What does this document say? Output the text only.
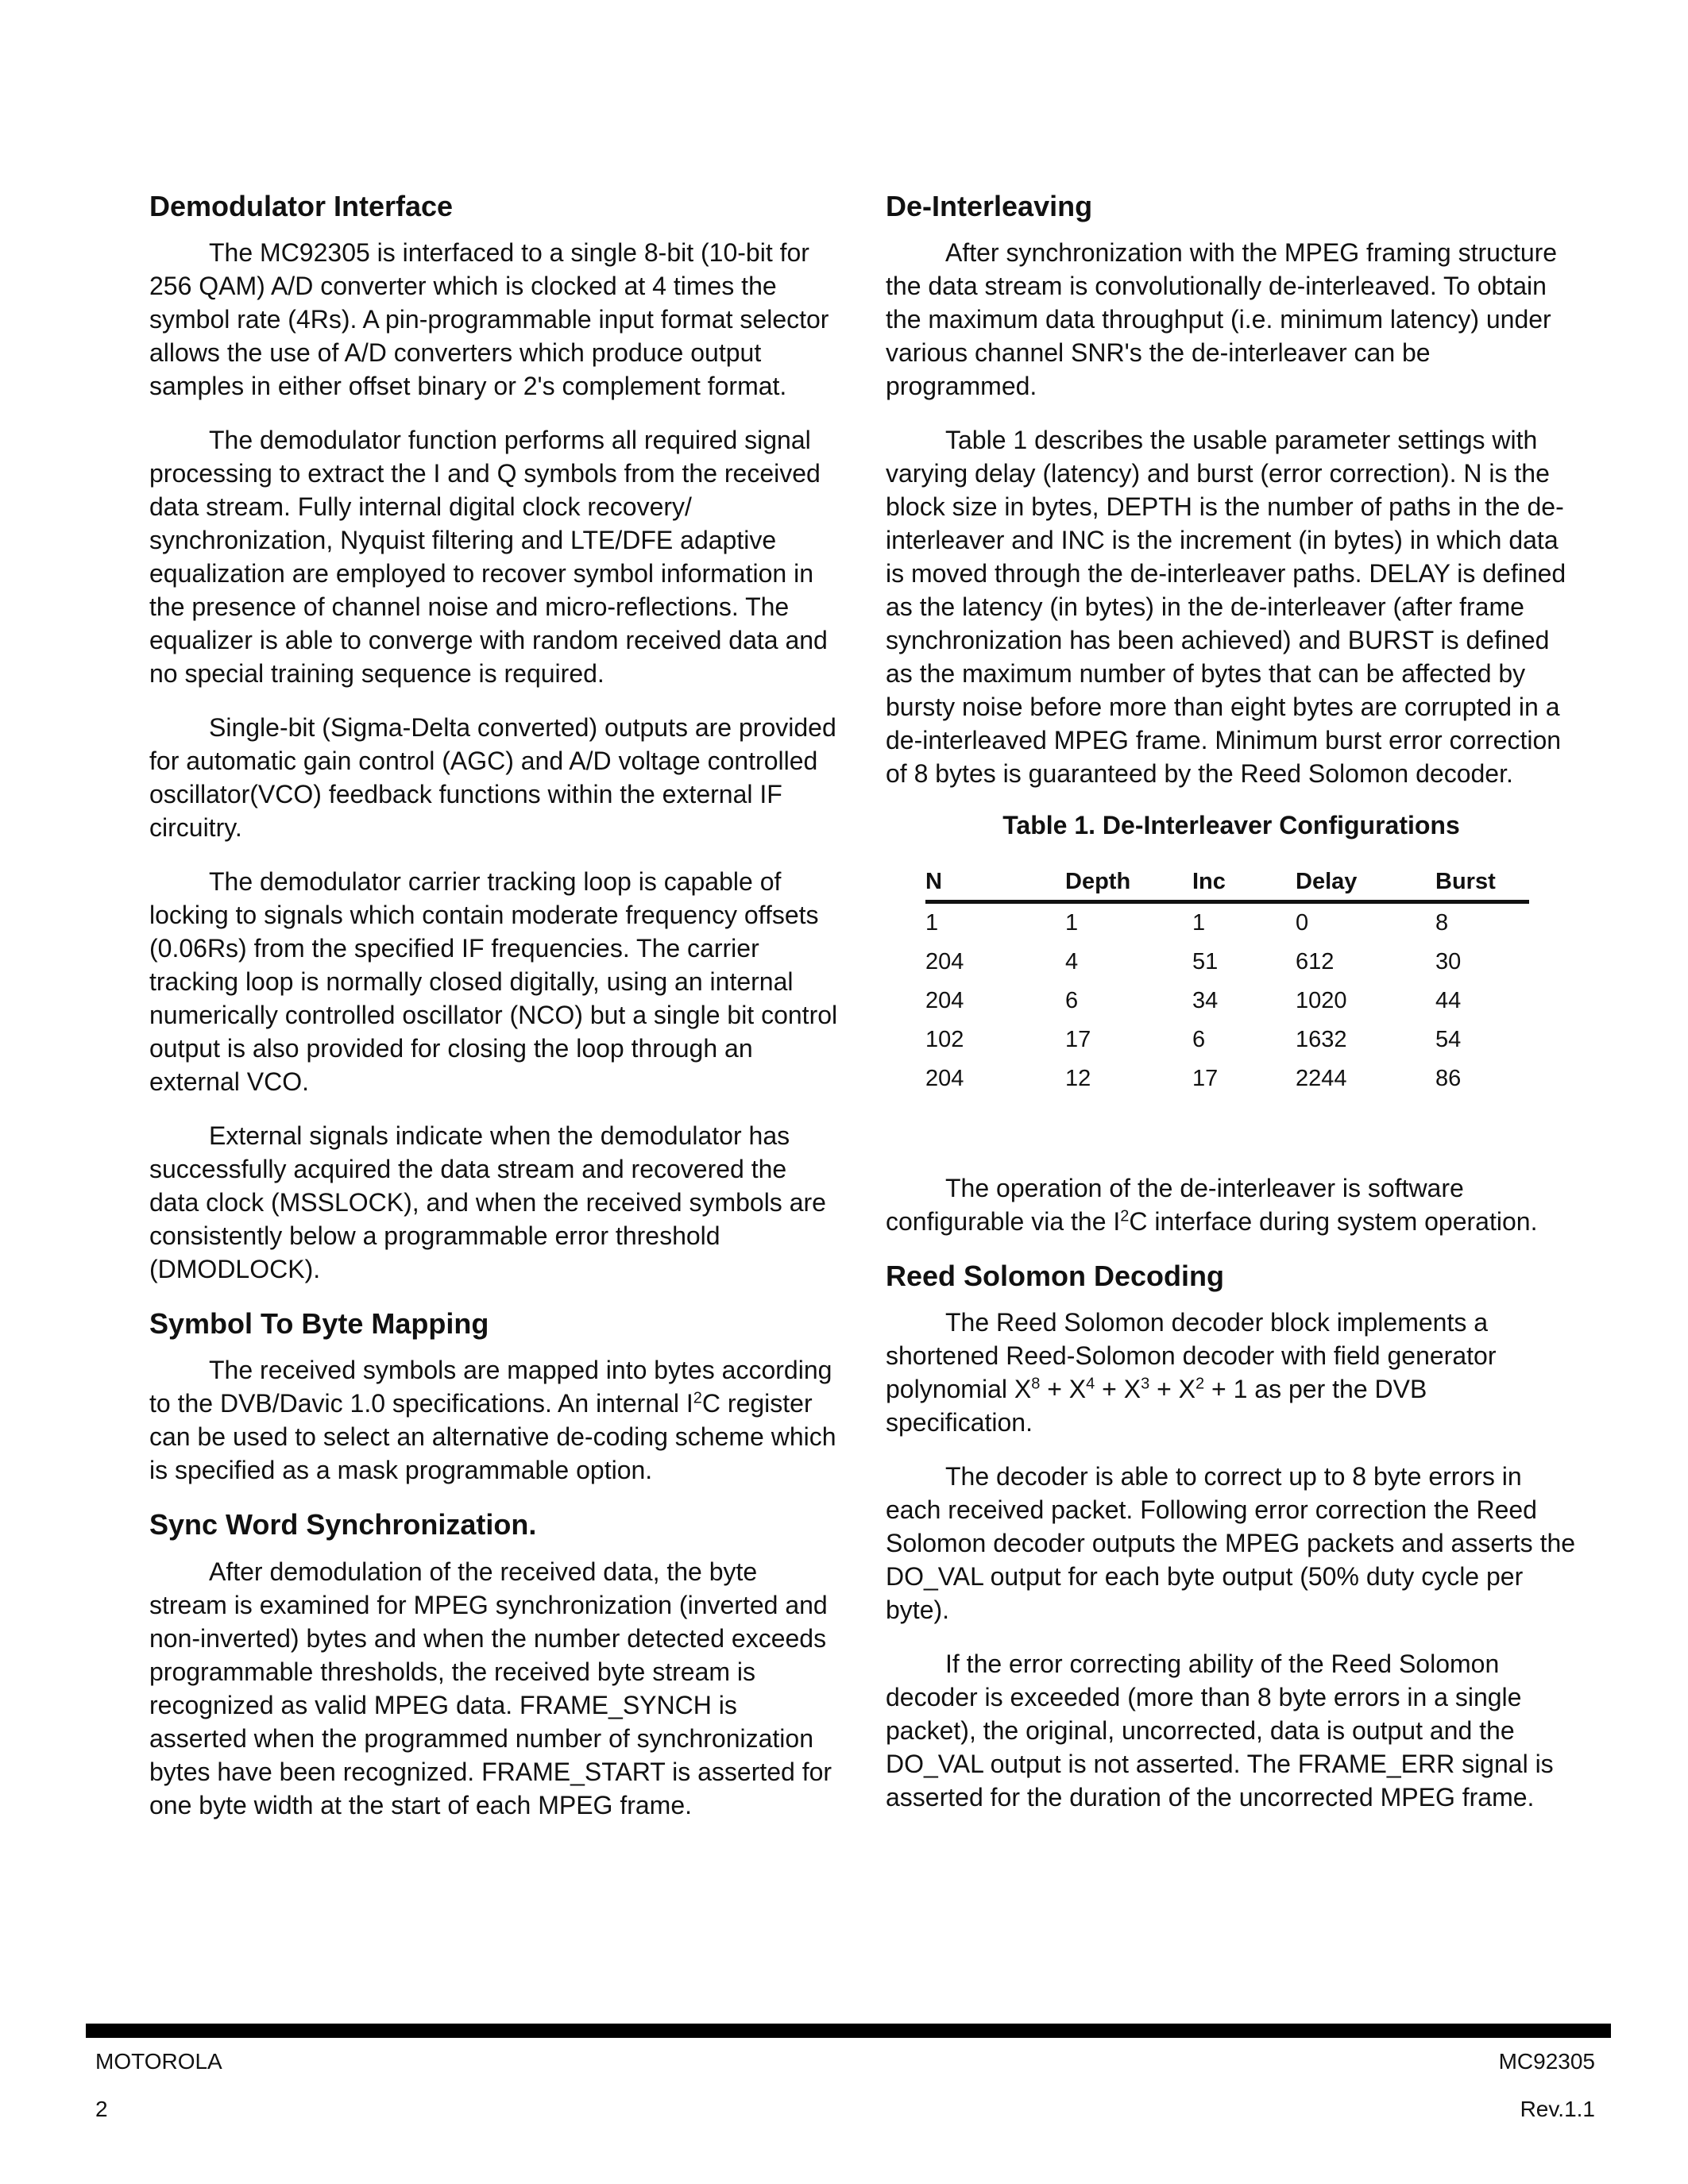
Demodulator Interface

The MC92305 is interfaced to a single 8-bit (10-bit for 256 QAM) A/D converter which is clocked at 4 times the symbol rate (4Rs). A pin-programmable input format selector allows the use of A/D converters which produce output samples in either offset binary or 2's complement format.

The demodulator function performs all required signal processing to extract the I and Q symbols from the received data stream. Fully internal digital clock recovery/ synchronization, Nyquist filtering and LTE/DFE adaptive equalization are employed to recover symbol information in the presence of channel noise and micro-reflections. The equalizer is able to converge with random received data and no special training sequence is required.

Single-bit (Sigma-Delta converted) outputs are provided for automatic gain control (AGC) and A/D voltage controlled oscillator(VCO) feedback functions within the external IF circuitry.

The demodulator carrier tracking loop is capable of locking to signals which contain moderate frequency offsets (0.06Rs) from the specified IF frequencies. The carrier tracking loop is normally closed digitally, using an internal numerically controlled oscillator (NCO) but a single bit control output is also provided for closing the loop through an external VCO.

External signals indicate when the demodulator has successfully acquired the data stream and recovered the data clock (MSSLOCK), and when the received symbols are consistently below a programmable error threshold (DMODLOCK).

Symbol To Byte Mapping

The received symbols are mapped into bytes according to the DVB/Davic 1.0 specifications. An internal $I^2C$ register can be used to select an alternative de-coding scheme which is specified as a mask programmable option.

Sync Word Synchronization.

After demodulation of the received data, the byte stream is examined for MPEG synchronization (inverted and non-inverted) bytes and when the number detected exceeds programmable thresholds, the received byte stream is recognized as valid MPEG data. FRAME_SYNCH is asserted when the programmed number of synchronization bytes have been recognized. FRAME_START is asserted for one byte width at the start of each MPEG frame.

De-Interleaving

After synchronization with the MPEG framing structure the data stream is convolutionally de-interleaved. To obtain the maximum data throughput (i.e. minimum latency) under various channel SNR's the de-interleaver can be programmed.

Table 1 describes the usable parameter settings with varying delay (latency) and burst (error correction). N is the block size in bytes, DEPTH is the number of paths in the de-interleaver and INC is the increment (in bytes) in which data is moved through the de-interleaver paths. DELAY is defined as the latency (in bytes) in the de-interleaver (after frame synchronization has been achieved) and BURST is defined as the maximum number of bytes that can be affected by bursty noise before more than eight bytes are corrupted in a de-interleaved MPEG frame. Minimum burst error correction of 8 bytes is guaranteed by the Reed Solomon decoder.

Table 1. De-Interleaver Configurations
N	Depth	Inc	Delay	Burst
1	1	1	0	8
204	4	51	612	30
204	6	34	1020	44
102	17	6	1632	54
204	12	17	2244	86

The operation of the de-interleaver is software configurable via the $I^2C$ interface during system operation.

Reed Solomon Decoding

The Reed Solomon decoder block implements a shortened Reed-Solomon decoder with field generator polynomial $X^8 + X^4 + X^3 + X^2 + 1$ as per the DVB specification.

The decoder is able to correct up to 8 byte errors in each received packet. Following error correction the Reed Solomon decoder outputs the MPEG packets and asserts the DO_VAL output for each byte output (50% duty cycle per byte).

If the error correcting ability of the Reed Solomon decoder is exceeded (more than 8 byte errors in a single packet), the original, uncorrected, data is output and the DO_VAL output is not asserted. The FRAME_ERR signal is asserted for the duration of the uncorrected MPEG frame.

MOTOROLA
2
MC92305
Rev.1.1
